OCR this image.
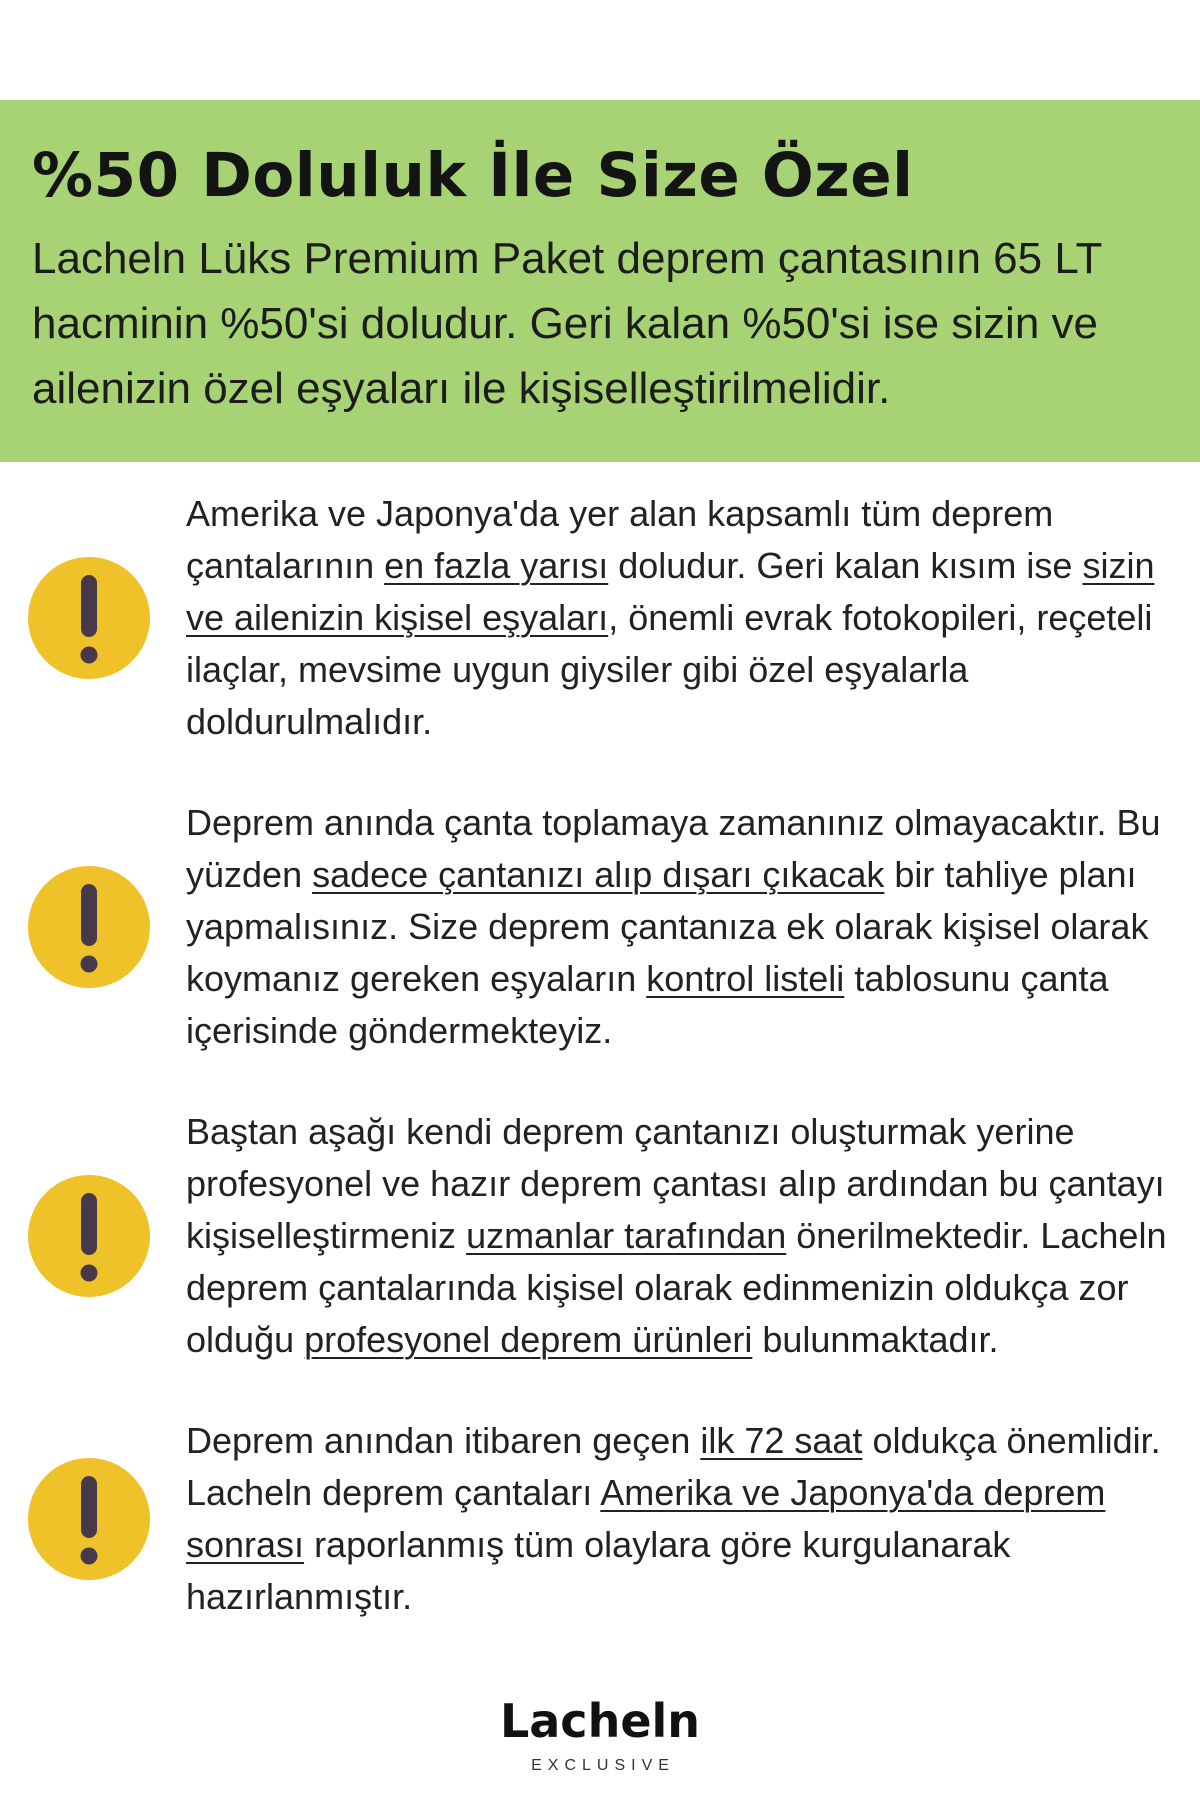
%50 Doluluk İle Size Özel

Lacheln Lüks Premium Paket deprem çantasının 65 LT hacminin %50'si doludur. Geri kalan %50'si ise sizin ve ailenizin özel eşyaları ile kişiselleştirilmelidir.

Amerika ve Japonya'da yer alan kapsamlı tüm deprem çantalarının en fazla yarısı doludur. Geri kalan kısım ise sizin ve ailenizin kişisel eşyaları, önemli evrak fotokopileri, reçeteli ilaçlar, mevsime uygun giysiler gibi özel eşyalarla doldurulmalıdır.

Deprem anında çanta toplamaya zamanınız olmayacaktır. Bu yüzden sadece çantanızı alıp dışarı çıkacak bir tahliye planı yapmalısınız. Size deprem çantanıza ek olarak kişisel olarak koymanız gereken eşyaların kontrol listeli tablosunu çanta içerisinde göndermekteyiz.

Baştan aşağı kendi deprem çantanızı oluşturmak yerine profesyonel ve hazır deprem çantası alıp ardından bu çantayı kişiselleştirmeniz uzmanlar tarafından önerilmektedir. Lacheln deprem çantalarında kişisel olarak edinmenizin oldukça zor olduğu profesyonel deprem ürünleri bulunmaktadır.

Deprem anından itibaren geçen ilk 72 saat oldukça önemlidir. Lacheln deprem çantaları Amerika ve Japonya'da deprem sonrası raporlanmış tüm olaylara göre kurgulanarak hazırlanmıştır.

Lacheln
EXCLUSIVE
